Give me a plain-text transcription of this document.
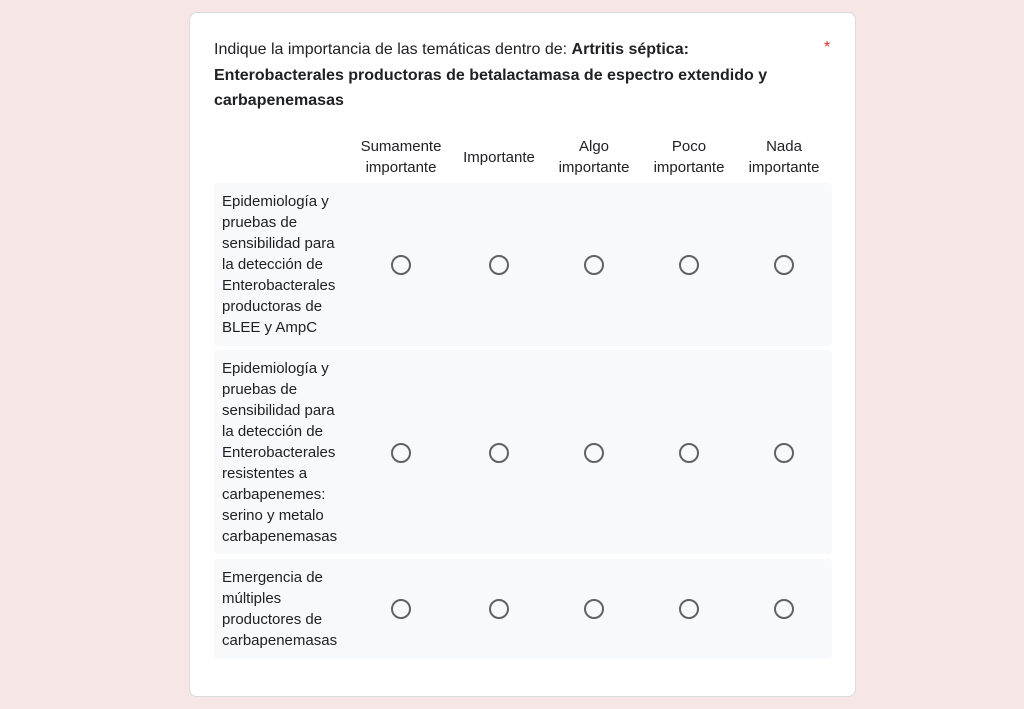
Indique la importancia de las temáticas dentro de: Artritis séptica: Enterobacterales productoras de betalactamasa de espectro extendido y carbapenemasas
*
Sumamente importante
Importante
Algo importante
Poco importante
Nada importante
Epidemiología y pruebas de sensibilidad para la detección de Enterobacterales productoras de BLEE y AmpC
Epidemiología y pruebas de sensibilidad para la detección de Enterobacterales resistentes a carbapenemes: serino y metalo carbapenemasas
Emergencia de múltiples productores de carbapenemasas
